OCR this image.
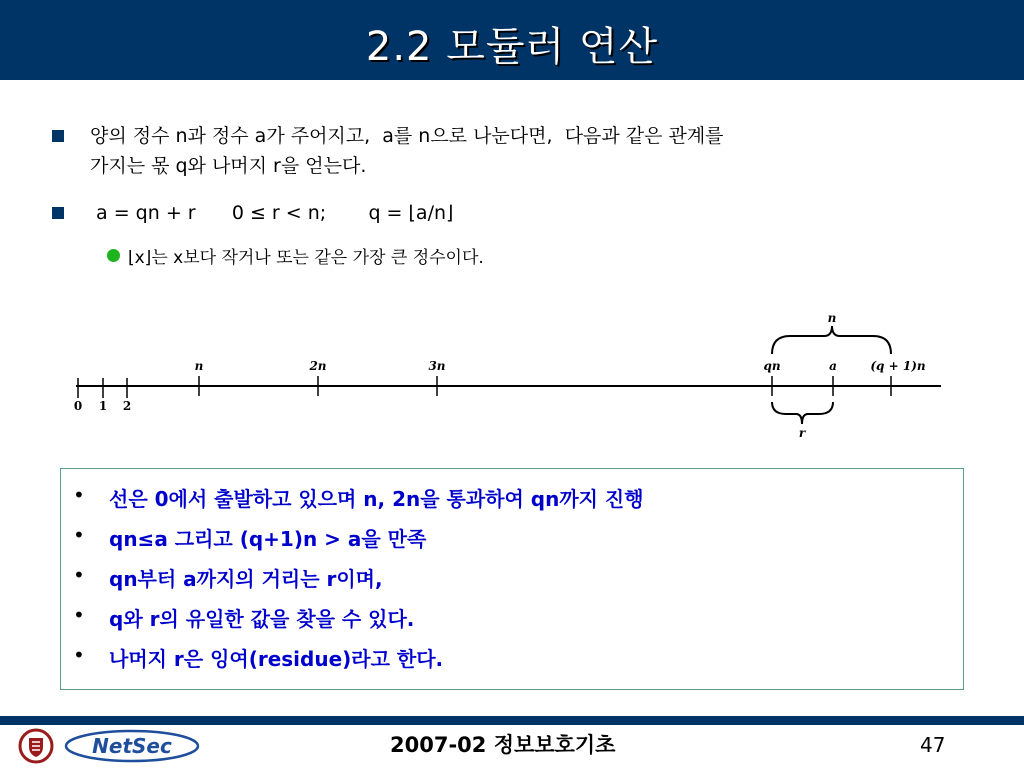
2.2 모듈러 연산
양의 정수 n과 정수 a가 주어지고,  a를 n으로 나눈다면,  다음과 같은 관계를
가지는 몫 q와 나머지 r을 얻는다.
a = qn + r      0 ≤ r < n;       q = ⌊a/n⌋
⌊x⌋는 x보다 작거나 또는 같은 가장 큰 정수이다.
0 1 2
n	2n	3n	qn	a	(q + 1)n
n
r

•

선은 0에서 출발하고 있으며 n, 2n을 통과하여 qn까지 진행

•

qn≤a 그리고 (q+1)n > a을 만족

•

qn부터 a까지의 거리는 r이며,

•

q와 r의 유일한 값을 찾을 수 있다.

•

나머지 r은 잉여(residue)라고 한다.

NetSec	2007-02 정보보호기초	47
